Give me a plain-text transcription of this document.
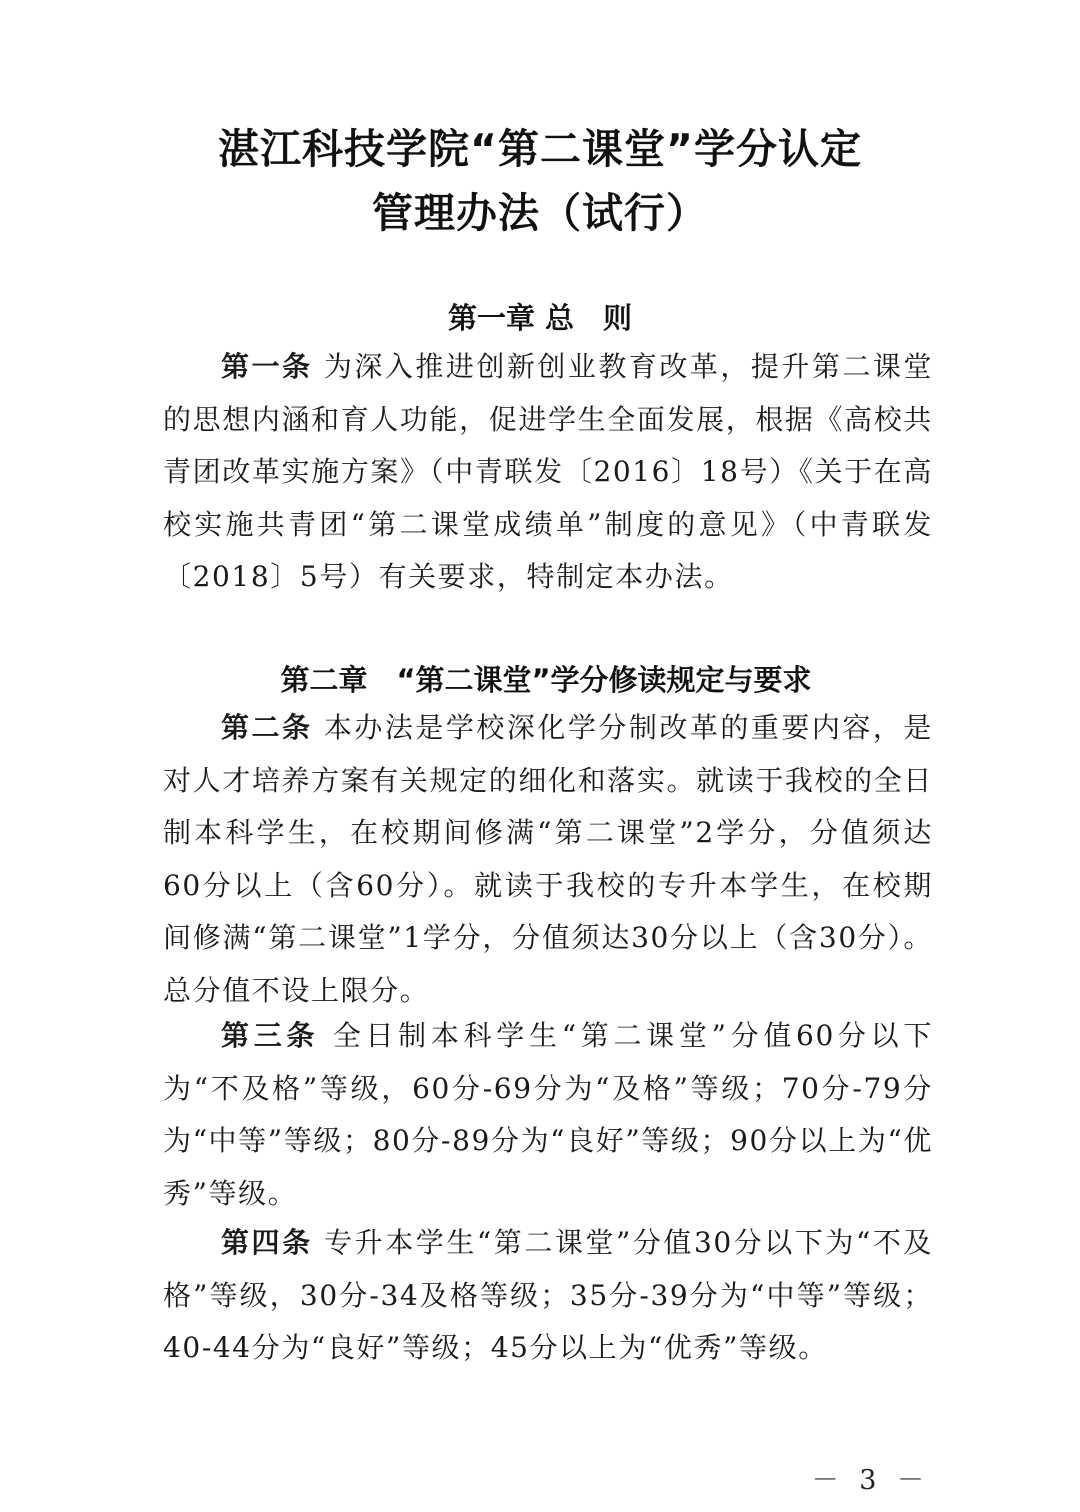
湛江科技学院“第二课堂”学分认定
管理办法（试行）
第一章 总　则

第一条 为深入推进创新创业教育改革，提升第二课堂的思想内涵和育人功能，促进学生全面发展，根据《高校共青团改革实施方案》（中青联发〔2016〕18号）《关于在高校实施共青团“第二课堂成绩单”制度的意见》（中青联发〔2018〕5号）有关要求，特制定本办法。

第二章　“第二课堂”学分修读规定与要求

第二条 本办法是学校深化学分制改革的重要内容，是对人才培养方案有关规定的细化和落实。就读于我校的全日制本科学生，在校期间修满“第二课堂”2学分，分值须达60分以上（含60分）。就读于我校的专升本学生，在校期间修满“第二课堂”1学分，分值须达30分以上（含30分）。总分值不设上限分。

第三条 全日制本科学生“第二课堂”分值60分以下为“不及格”等级，60分-69分为“及格”等级；70分-79分为“中等”等级；80分-89分为“良好”等级；90分以上为“优秀”等级。

第四条 专升本学生“第二课堂”分值30分以下为“不及格”等级，30分-34及格等级；35分-39分为“中等”等级；40-44分为“良好”等级；45分以上为“优秀”等级。

－ 3 －
